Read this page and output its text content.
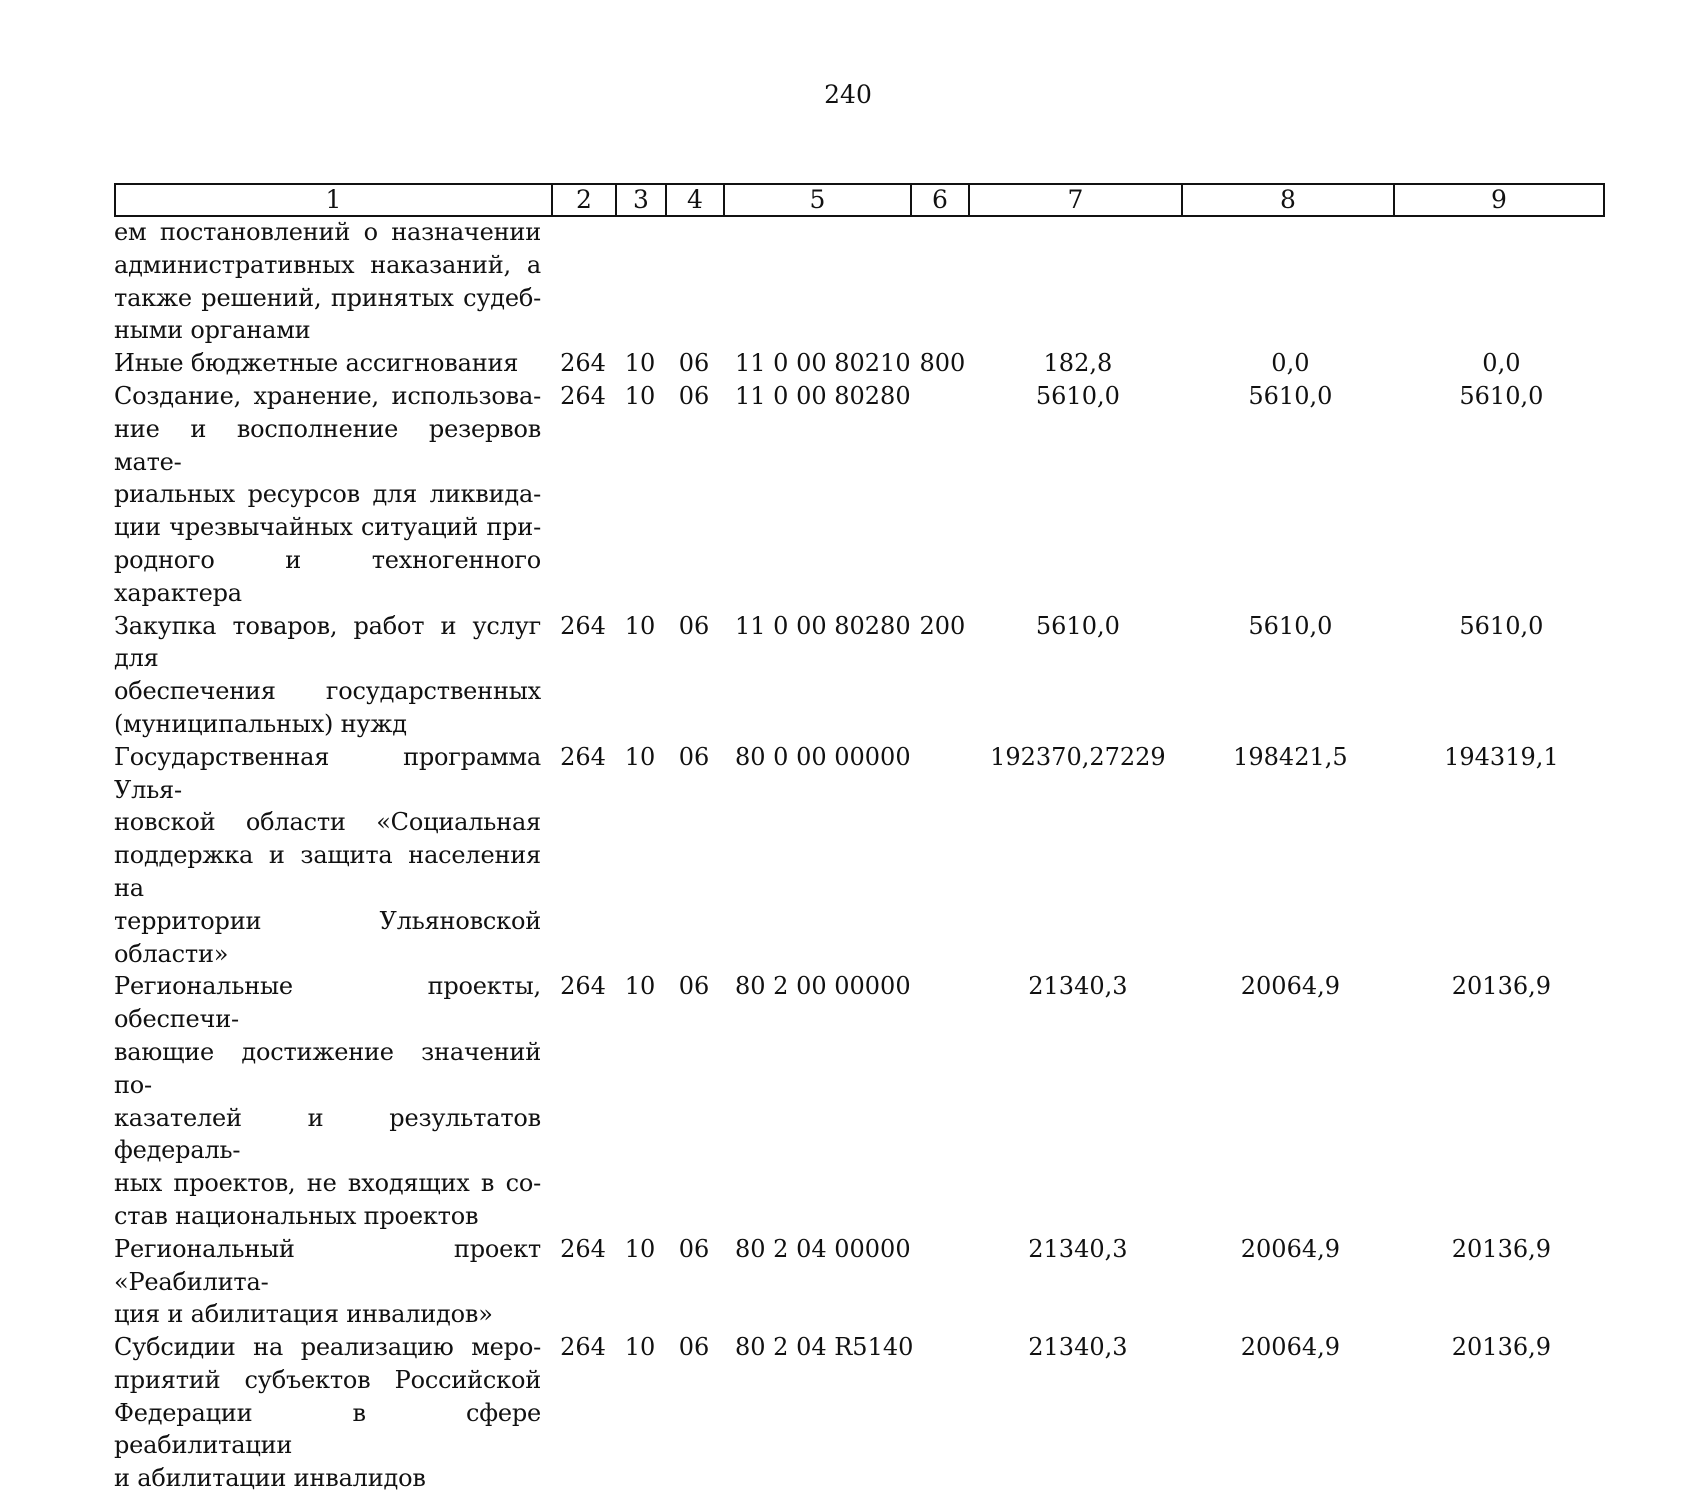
240
1	2	3	4	5	6	7	8	9
ем постановлений о назначении
административных наказаний, а
также решений, принятых судеб-
ными органами								

Иные бюджетные ассигнования	264	10	06	11 0 00 80210	800	182,8	0,0	0,0

Создание, хранение, использова-
ние и восполнение резервов мате-
риальных ресурсов для ликвида-
ции чрезвычайных ситуаций при-
родного и техногенного характера	264	10	06	11 0 00 80280		5610,0	5610,0	5610,0

Закупка товаров, работ и услуг для
обеспечения государственных
(муниципальных) нужд	264	10	06	11 0 00 80280	200	5610,0	5610,0	5610,0

Государственная программа Улья-
новской области «Социальная
поддержка и защита населения на
территории Ульяновской области»	264	10	06	80 0 00 00000		192370,27229	198421,5	194319,1

Региональные проекты, обеспечи-
вающие достижение значений по-
казателей и результатов федераль-
ных проектов, не входящих в со-
став национальных проектов	264	10	06	80 2 00 00000		21340,3	20064,9	20136,9

Региональный проект «Реабилита-
ция и абилитация инвалидов»	264	10	06	80 2 04 00000		21340,3	20064,9	20136,9

Субсидии на реализацию меро-
приятий субъектов Российской
Федерации в сфере реабилитации
и абилитации инвалидов	264	10	06	80 2 04 R5140		21340,3	20064,9	20136,9
